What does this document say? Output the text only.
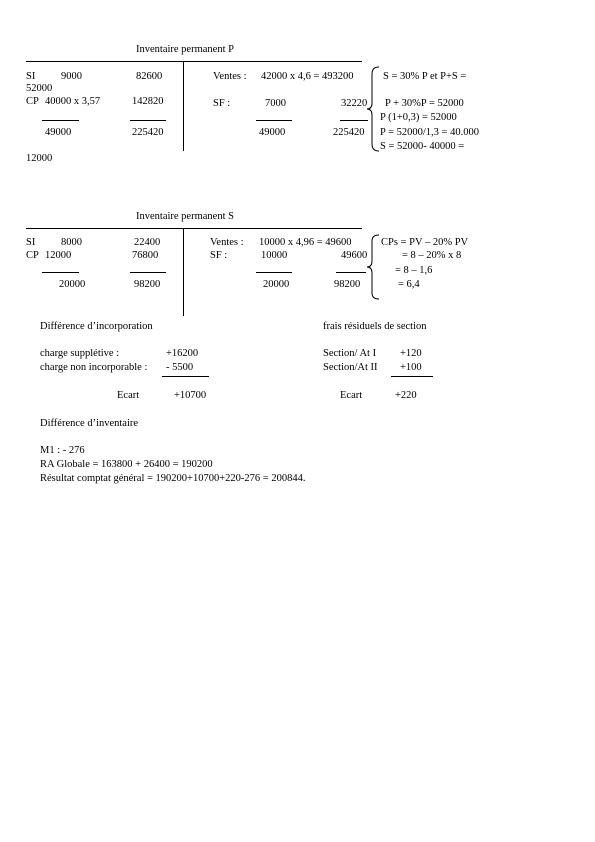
Inventaire permanent P
SI 9000	82600
52000
CP 40000 x 3,57	142820
49000	225420
Ventes : 42000 x 4,6 = 493200
SF :	7000	32220
49000	225420
S = 30% P et P+S =
P + 30%P = 52000
P (1+0,3) = 52000
P = 52000/1,3 = 40.000
S = 52000- 40000 =
12000
Inventaire permanent S
SI 8000	22400
CP 12000	76800
20000	98200
Ventes : 10000 x 4,96 = 49600
SF :	10000	49600
20000	98200
CPs = PV – 20% PV
= 8 – 20% x 8
= 8 – 1,6
= 6,4
Différence d’incorporation
charge supplétive :	+16200
charge non incorporable : - 5500
Ecart	+10700
frais résiduels de section
Section/ At I +120
Section/At II +100
Ecart	+220
Différence d’inventaire
M1 : - 276
RA Globale = 163800 + 26400 = 190200
Résultat comptat général = 190200+10700+220-276 = 200844.
